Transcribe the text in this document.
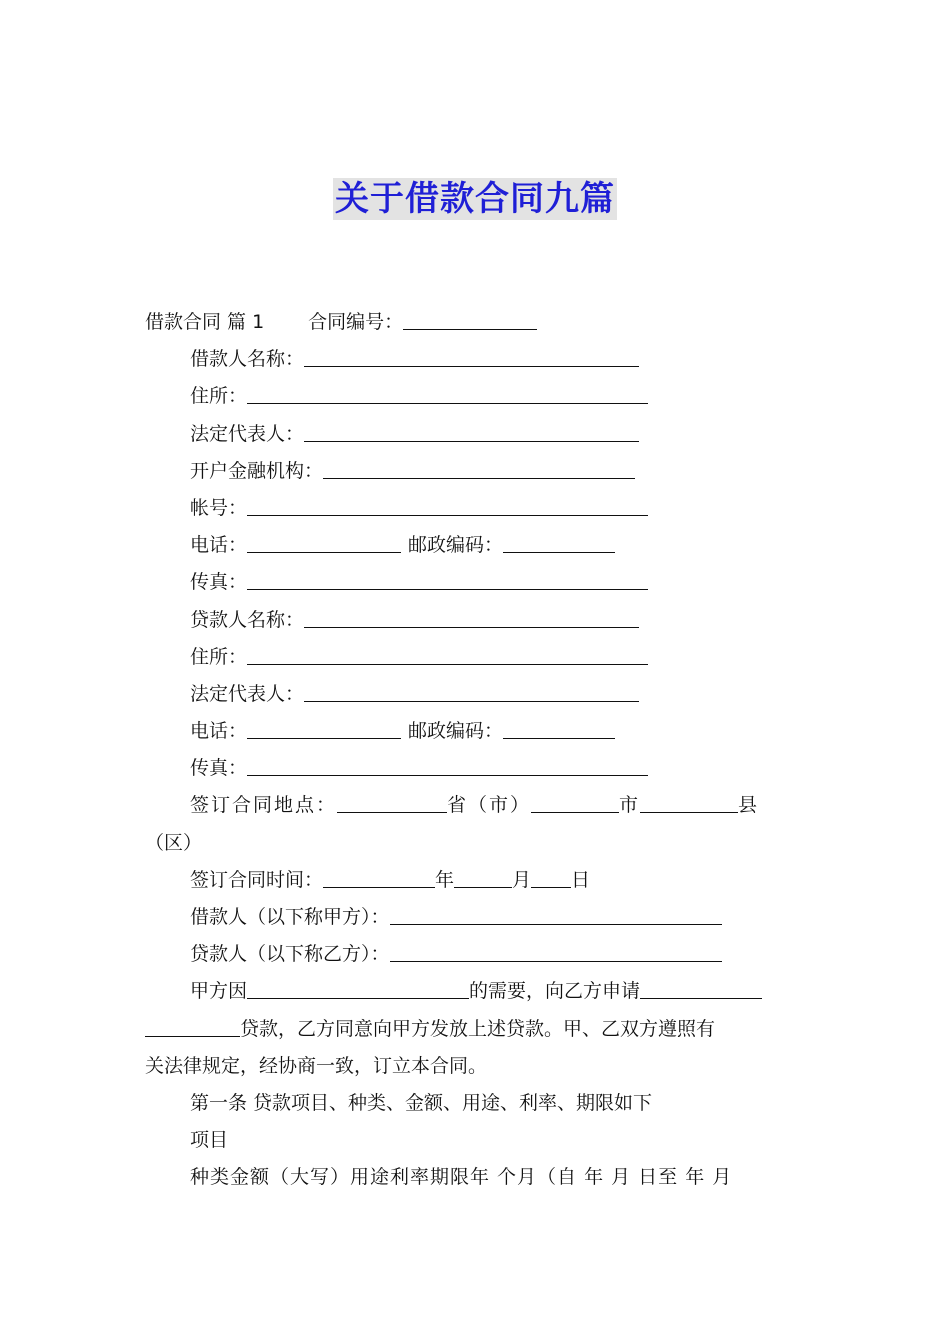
关于借款合同九篇
借款合同 篇 1 合同编号：
借款人名称：
住所：
法定代表人：
开户金融机构：
帐号：
电话：	邮政编码：
传真：
贷款人名称：
住所：
法定代表人：
电话：	邮政编码：
传真：
签订合同地点：	省（市）	市	县
（区）
签订合同时间：	年	月 日
借款人（以下称甲方）：
贷款人（以下称乙方）：
甲方因	的需要，向乙方申请
贷款，乙方同意向甲方发放上述贷款。甲、乙双方遵照有
关法律规定，经协商一致，订立本合同。
第一条 贷款项目、种类、金额、用途、利率、期限如下
项目
种类金额（大写）用途利率期限年 个月（自 年 月 日至 年 月
